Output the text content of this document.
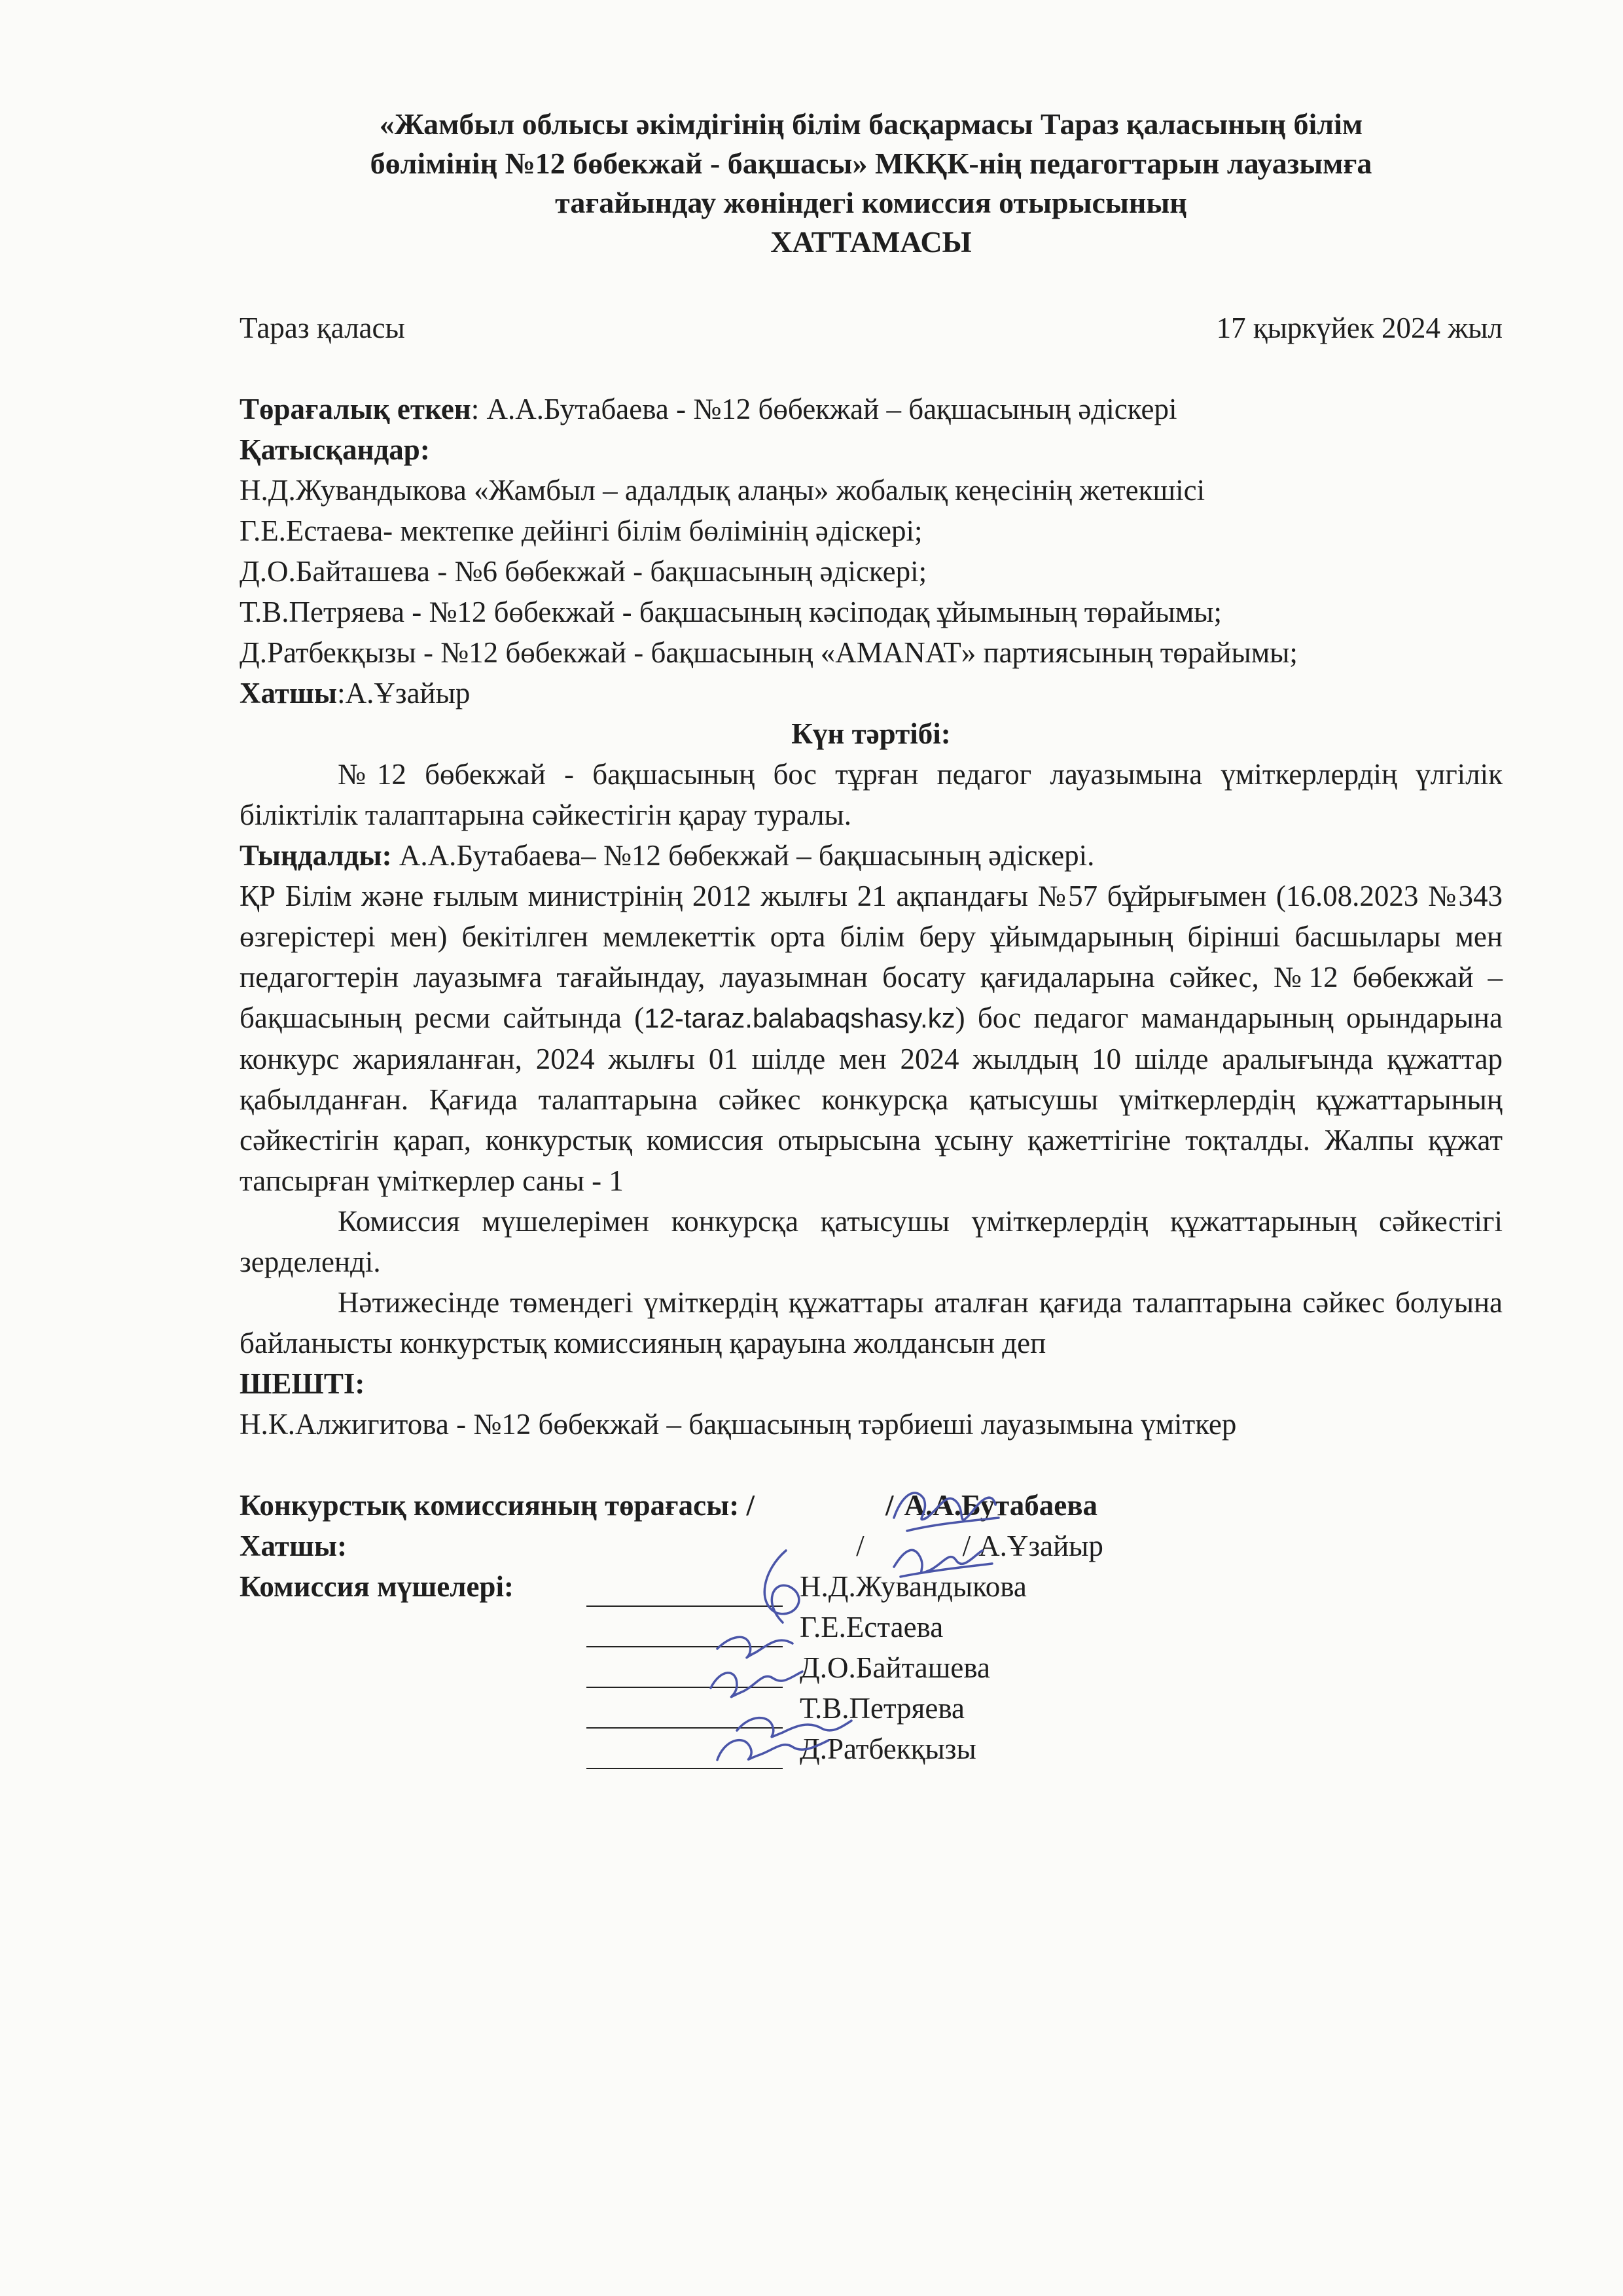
«Жамбыл облысы әкімдігінің білім басқармасы Тараз қаласының білім
бөлімінің №12 бөбекжай - бақшасы» МКҚК-нің педагогтарын лауазымға
тағайындау жөніндегі комиссия отырысының
ХАТТАМАСЫ
Тараз қаласы	17 қыркүйек 2024 жыл

Төрағалық еткен: А.А.Бутабаева - №12 бөбекжай – бақшасының әдіскері

Қатысқандар:

Н.Д.Жувандыкова «Жамбыл – адалдық алаңы» жобалық кеңесінің жетекшісі

Г.Е.Естаева- мектепке дейінгі білім бөлімінің әдіскері;

Д.О.Байташева - №6 бөбекжай - бақшасының әдіскері;

Т.В.Петряева - №12 бөбекжай - бақшасының кәсіподақ ұйымының төрайымы;

Д.Ратбекқызы - №12 бөбекжай - бақшасының «AMANAT» партиясының төрайымы;

Хатшы:А.Ұзайыр

Күн тәртібі:

№12 бөбекжай - бақшасының бос тұрған педагог лауазымына үміткерлердің үлгілік біліктілік талаптарына сәйкестігін қарау туралы.

Тыңдалды: А.А.Бутабаева– №12 бөбекжай – бақшасының әдіскері.

ҚР Білім және ғылым министрінің 2012 жылғы 21 ақпандағы №57 бұйрығымен (16.08.2023 №343 өзгерістері мен) бекітілген мемлекеттік орта білім беру ұйымдарының бірінші басшылары мен педагогтерін лауазымға тағайындау, лауазымнан босату қағидаларына сәйкес, №12 бөбекжай – бақшасының ресми сайтында (12-taraz.balabaqshasy.kz) бос педагог мамандарының орындарына конкурс жарияланған, 2024 жылғы 01 шілде мен 2024 жылдың 10 шілде аралығында құжаттар қабылданған. Қағида талаптарына сәйкес конкурсқа қатысушы үміткерлердің құжаттарының сәйкестігін қарап, конкурстық комиссия отырысына ұсыну қажеттігіне тоқталды. Жалпы құжат тапсырған үміткерлер саны - 1

Комиссия мүшелерімен конкурсқа қатысушы үміткерлердің құжаттарының сәйкестігі зерделенді.

Нәтижесінде төмендегі үміткердің құжаттары аталған қағида талаптарына сәйкес болуына байланысты конкурстық комиссияның қарауына жолдансын деп

ШЕШТІ:

Н.К.Алжигитова - №12 бөбекжай – бақшасының тәрбиеші лауазымына үміткер

Конкурстық комиссияның төрағасы: /	/ А.А.Бутабаева
Хатшы:	/	/ А.Ұзайыр
Комиссия мүшелері:	Н.Д.Жувандыкова
Г.Е.Естаева
Д.О.Байташева
Т.В.Петряева
Д.Ратбекқызы
